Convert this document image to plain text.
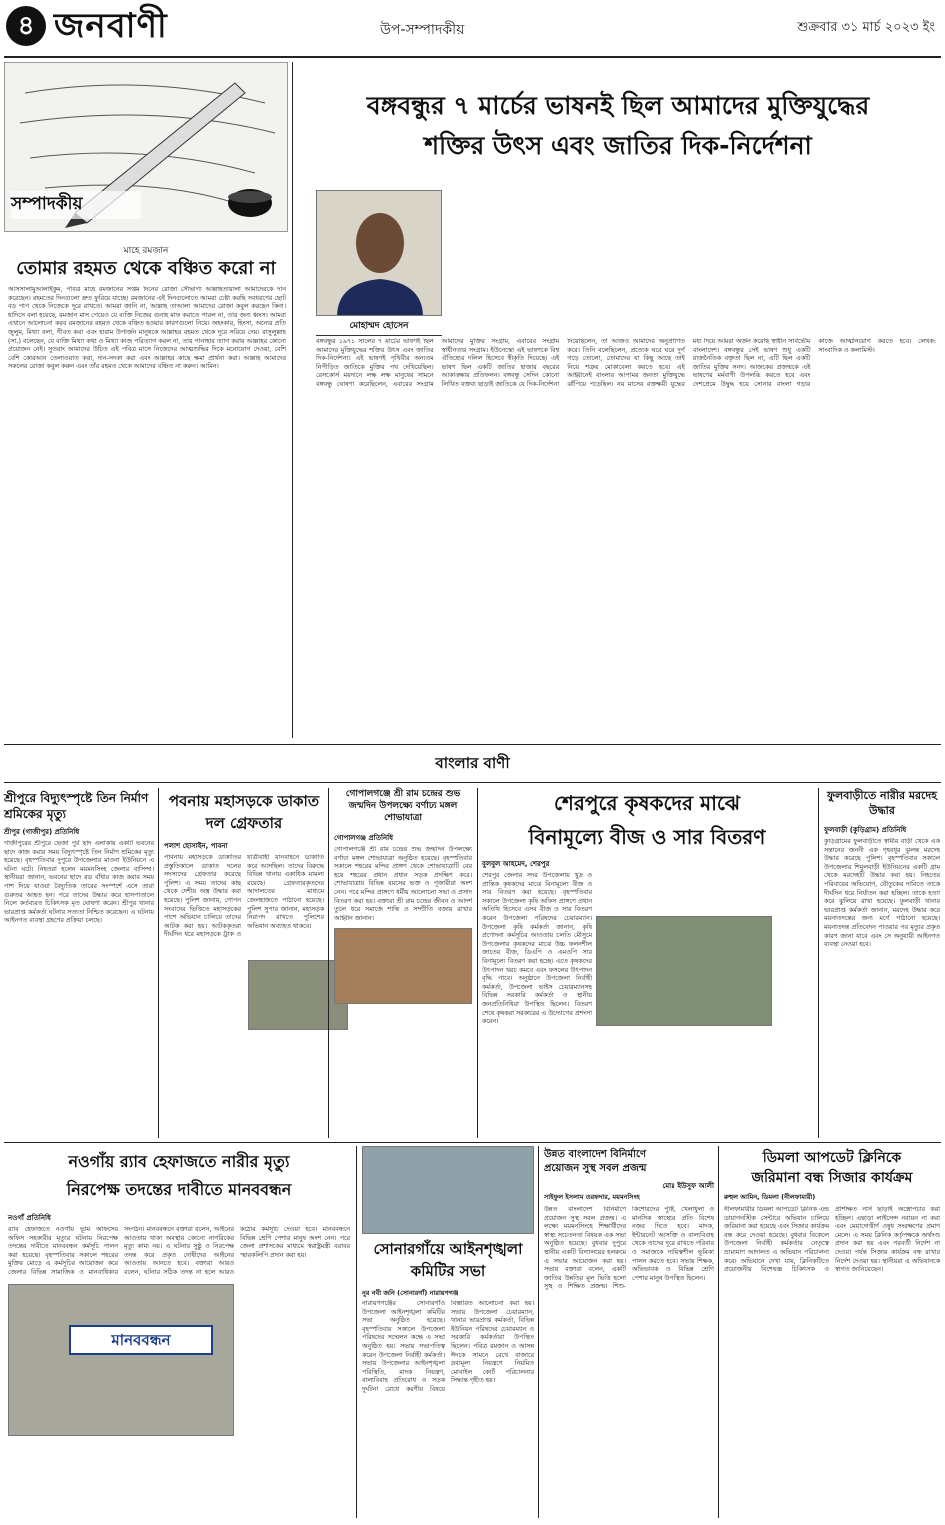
৪ জনবাণী	উপ-সম্পাদকীয়	শুক্রবার ৩১ মার্চ ২০২৩ ইং
সম্পাদকীয়
মাহে রমজান
তোমার রহমত থেকে বঞ্চিত করো না
আসসালামুআলাইকুম, পবিত্র মাহে রমজানের সপ্তম দিনের রোজা সৌভাগ্য আল্লাহতায়ালা আমাদেরকে দান করেছেন। রহমতের দিনগুলো দ্রুত ফুরিয়ে যাচ্ছে। রমজানের এই দিনগুলোতে আমরা চেষ্টা করছি সবধরণের ছোট বড় পাপ থেকে নিজেকে দূরে রাখতে। আমরা জানি না, আল্লাহ তাআলা আমাদের রোজা কবুল করছেন কিনা। হাদিসে বলা হয়েছে, রমজান মাস পেয়েও যে ব্যক্তি নিজের গুনাহ মাফ করাতে পারল না, তার জন্য ধ্বংস। আমরা এখানে আলোচনা করব রমজানের রহমত থেকে বঞ্চিত হওয়ার কারণগুলো নিয়ে। অহংকার, হিংসা, অন্যের প্রতি জুলুম, মিথ্যা বলা, গীবত করা এবং হারাম উপার্জন মানুষকে আল্লাহর রহমত থেকে দূরে সরিয়ে দেয়। রাসুলুল্লাহ (সা.) বলেছেন, যে ব্যক্তি মিথ্যা কথা ও মিথ্যা কাজ পরিত্যাগ করল না, তার পানাহার ত্যাগ করায় আল্লাহর কোনো প্রয়োজন নেই। সুতরাং আমাদের উচিত এই পবিত্র মাসে নিজেদের আত্মশুদ্ধির দিকে মনোযোগ দেওয়া, বেশি বেশি কোরআন তেলাওয়াত করা, দান-সদকা করা এবং আল্লাহর কাছে ক্ষমা প্রার্থনা করা। আল্লাহ আমাদের সকলের রোজা কবুল করুন এবং তাঁর রহমত থেকে আমাদের বঞ্চিত না করুন। আমিন।
বঙ্গবন্ধুর ৭ মার্চের ভাষনই ছিল আমাদের মুক্তিযুদ্ধের
শক্তির উৎস এবং জাতির দিক-নির্দেশনা
মোহাম্মদ হোসেন
বঙ্গবন্ধুর ১৯৭১ সালের ৭ মার্চের ভাষণই ছিল আমাদের মুক্তিযুদ্ধের শক্তির উৎস এবং জাতির দিক-নির্দেশনা। এই ভাষণই পৃথিবীর অন্যতম নিপীড়িত জাতিকে মুক্তির পথ দেখিয়েছিল। রেসকোর্স ময়দানে লক্ষ লক্ষ মানুষের সামনে বঙ্গবন্ধু ঘোষণা করেছিলেন, এবারের সংগ্রাম আমাদের মুক্তির সংগ্রাম, এবারের সংগ্রাম স্বাধীনতার সংগ্রাম। ইউনেস্কো এই ভাষণকে বিশ্ব ঐতিহ্যের দলিল হিসেবে স্বীকৃতি দিয়েছে। এই ভাষণ ছিল একটি জাতির হাজার বছরের আকাঙ্ক্ষার প্রতিফলন। বঙ্গবন্ধু সেদিন কোনো লিখিত বক্তব্য ছাড়াই জাতিকে যে দিক-নির্দেশনা দিয়েছিলেন, তা আজও আমাদের অনুপ্রাণিত করে। তিনি বলেছিলেন, প্রত্যেক ঘরে ঘরে দুর্গ গড়ে তোলো, তোমাদের যা কিছু আছে তাই নিয়ে শত্রুর মোকাবেলা করতে হবে। এই আহ্বানেই বাংলার আপামর জনতা মুক্তিযুদ্ধে ঝাঁপিয়ে পড়েছিল। নয় মাসের রক্তক্ষয়ী যুদ্ধের মধ্য দিয়ে আমরা অর্জন করেছি স্বাধীন সার্বভৌম বাংলাদেশ। বঙ্গবন্ধুর সেই ভাষণ শুধু একটি রাজনৈতিক বক্তৃতা ছিল না, এটি ছিল একটি জাতির মুক্তির সনদ। আজকের প্রজন্মকে এই ভাষণের মর্মবাণী উপলব্ধি করতে হবে এবং দেশপ্রেমে উদ্বুদ্ধ হয়ে সোনার বাংলা গড়ার কাজে আত্মনিয়োগ করতে হবে। লেখক: সাংবাদিক ও কলামিস্ট।
বাংলার বাণী
শ্রীপুরে বিদ্যুৎস্পৃষ্টে তিন নির্মাণ শ্রমিকের মৃত্যু
শ্রীপুর (গাজীপুর) প্রতিনিধি
গাজীপুরের শ্রীপুরে ভেজা পুর্ব ছাদ এলাকায় একটি ভবনের ছাদে কাজ করার সময় বিদ্যুৎস্পৃষ্টে তিন নির্মাণ শ্রমিকের মৃত্যু হয়েছে। বৃহস্পতিবার দুপুরে উপজেলার মাওনা ইউনিয়নে এ ঘটনা ঘটে। নিহতরা হলেন ময়মনসিংহ জেলার বাসিন্দা। স্থানীয়রা জানান, ভবনের ছাদে রড বাঁধার কাজ করার সময় পাশ দিয়ে যাওয়া বৈদ্যুতিক তারের সংস্পর্শে এসে তারা গুরুতর আহত হন। পরে তাদের উদ্ধার করে হাসপাতালে নিলে কর্তব্যরত চিকিৎসক মৃত ঘোষণা করেন। শ্রীপুর থানার ভারপ্রাপ্ত কর্মকর্তা ঘটনার সত্যতা নিশ্চিত করেছেন। এ ঘটনায় আইনগত ব্যবস্থা গ্রহণের প্রক্রিয়া চলছে।
পবনায় মহাসড়কে ডাকাত দল গ্রেফতার
পলাশ হোসাইন, পাবনা
পাবনায় মহাসড়কে ডাকাতির প্রস্তুতিকালে ডাকাত দলের সদস্যদের গ্রেফতার করেছে পুলিশ। এ সময় তাদের কাছ থেকে দেশীয় অস্ত্র উদ্ধার করা হয়েছে। পুলিশ জানায়, গোপন সংবাদের ভিত্তিতে মহাসড়কের পাশে অভিযান চালিয়ে তাদের আটক করা হয়। আটককৃতরা দীর্ঘদিন ধরে মহাসড়কে ট্রাক ও যাত্রীবাহী যানবাহনে ডাকাতি করে আসছিল। তাদের বিরুদ্ধে বিভিন্ন থানায় একাধিক মামলা রয়েছে। গ্রেফতারকৃতদের আদালতের মাধ্যমে জেলহাজতে পাঠানো হয়েছে। পুলিশ সুপার জানান, মহাসড়ক নিরাপদ রাখতে পুলিশের অভিযান অব্যাহত থাকবে।
গোপালগঞ্জে শ্রী রাম চন্দ্রের শুভ জন্মদিন উপলক্ষ্যে বর্ণাঢ্য মঙ্গল শোভাযাত্রা
গোপালগঞ্জ প্রতিনিধি
গোপালগঞ্জে শ্রী রাম চন্দ্রের শুভ জন্মদিন উপলক্ষ্যে বর্ণাঢ্য মঙ্গল শোভাযাত্রা অনুষ্ঠিত হয়েছে। বৃহস্পতিবার সকালে শহরের মন্দির প্রাঙ্গণ থেকে শোভাযাত্রাটি বের হয়ে শহরের প্রধান প্রধান সড়ক প্রদক্ষিণ করে। শোভাযাত্রায় বিভিন্ন বয়সের ভক্ত ও পূজারীরা অংশ নেন। পরে মন্দির প্রাঙ্গণে ধর্মীয় আলোচনা সভা ও প্রসাদ বিতরণ করা হয়। বক্তারা শ্রী রাম চন্দ্রের জীবন ও আদর্শ তুলে ধরে সমাজে শান্তি ও সম্প্রীতি বজায় রাখার আহ্বান জানান।
শেরপুরে কৃষকদের মাঝে
বিনামূল্যে বীজ ও সার বিতরণ
বুলবুল আহমেদ, শেরপুর
শেরপুর জেলার সদর উপজেলায় খুদ্র ও প্রান্তিক কৃষকদের মাঝে বিনামূল্যে বীজ ও সার বিতরণ করা হয়েছে। বৃহস্পতিবার সকালে উপজেলা কৃষি অফিস প্রাঙ্গণে প্রধান অতিথি হিসেবে এসব বীজ ও সার বিতরণ করেন উপজেলা পরিষদের চেয়ারম্যান। উপজেলা কৃষি কর্মকর্তা জানান, কৃষি প্রণোদনা কর্মসূচির আওতায় চলতি মৌসুমে উপজেলার কৃষকদের মাঝে উচ্চ ফলনশীল জাতের বীজ, ডিএপি ও এমওপি সার বিনামূল্যে বিতরণ করা হচ্ছে। এতে কৃষকদের উৎপাদন খরচ কমবে এবং ফসলের উৎপাদন বৃদ্ধি পাবে। অনুষ্ঠানে উপজেলা নির্বাহী কর্মকর্তা, উপজেলা ভাইস চেয়ারম্যানসহ বিভিন্ন সরকারি কর্মকর্তা ও স্থানীয় জনপ্রতিনিধিরা উপস্থিত ছিলেন। বিতরণ শেষে কৃষকরা সরকারের এ উদ্যোগের প্রশংসা করেন।
ফুলবাড়ীতে নারীর মরদেহ উদ্ধার
ফুলবাড়ী (কুড়িগ্রাম) প্রতিনিধি
কুড়িগ্রামের ফুলবাড়ীতে স্বামীর বাড়ী থেকে এক সন্তানের জননী এক গৃহবধূর ঝুলন্ত মরদেহ উদ্ধার করেছে পুলিশ। বৃহস্পতিবার সকালে উপজেলার শিমুলবাড়ী ইউনিয়নের একটি গ্রাম থেকে মরদেহটি উদ্ধার করা হয়। নিহতের পরিবারের অভিযোগ, যৌতুকের দাবিতে তাকে দীর্ঘদিন ধরে নির্যাতন করা হচ্ছিল। তাকে হত্যা করে ঝুলিয়ে রাখা হয়েছে। ফুলবাড়ী থানার ভারপ্রাপ্ত কর্মকর্তা জানান, মরদেহ উদ্ধার করে ময়নাতদন্তের জন্য মর্গে পাঠানো হয়েছে। ময়নাতদন্ত প্রতিবেদন পাওয়ার পর মৃত্যুর প্রকৃত কারণ জানা যাবে এবং সে অনুযায়ী আইনগত ব্যবস্থা নেওয়া হবে।
নওগাঁয় র‌্যাব হেফাজতে নারীর মৃত্যু
নিরপেক্ষ তদন্তের দাবীতে মানববন্ধন
নওগাঁ প্রতিনিধি
র‌্যাব হেফাজতে নওগাঁয় ভূমি অফিসের অফিস সহকারীর মৃত্যুর ঘটনায় নিরপেক্ষ তদন্তের দাবীতে মানববন্ধন কর্মসূচি পালন করা হয়েছে। বৃহস্পতিবার সকালে শহরের মুক্তির মোড়ে এ কর্মসূচির আয়োজন করে জেলার বিভিন্ন সামাজিক ও মানবাধিকার সংগঠন। মানববন্ধনে বক্তারা বলেন, আইনের আওতায় থাকা অবস্থায় কোনো নাগরিকের মৃত্যু কাম্য নয়। এ ঘটনার সুষ্ঠু ও নিরপেক্ষ তদন্ত করে প্রকৃত দোষীদের আইনের আওতায় আনতে হবে। বক্তারা আরও বলেন, ঘটনার সঠিক তদন্ত না হলে আরও কঠোর কর্মসূচি দেওয়া হবে। মানববন্ধনে বিভিন্ন শ্রেণি পেশার মানুষ অংশ নেন। পরে জেলা প্রশাসকের মাধ্যমে স্বরাষ্ট্রমন্ত্রী বরাবর স্মারকলিপি প্রদান করা হয়।
মানববন্ধন
সোনারগাঁয়ে আইনশৃঙ্খলা
কমিটির সভা
নুর নবী জনি (সোনারগাঁ) নারায়ণগঞ্জ
নারায়ণগঞ্জের সোনারগাঁও উপজেলা আইনশৃঙ্খলা কমিটির সভা অনুষ্ঠিত হয়েছে। বৃহস্পতিবার সকালে উপজেলা পরিষদের সম্মেলন কক্ষে এ সভা অনুষ্ঠিত হয়। সভায় সভাপতিত্ব করেন উপজেলা নির্বাহী কর্মকর্তা। সভায় উপজেলার আইনশৃঙ্খলা পরিস্থিতি, মাদক নিয়ন্ত্রণ, বাল্যবিবাহ প্রতিরোধ ও সড়ক দুর্ঘটনা রোধে করণীয় বিষয়ে বিস্তারিত আলোচনা করা হয়। সভায় উপজেলা চেয়ারম্যান, থানার ভারপ্রাপ্ত কর্মকর্তা, বিভিন্ন ইউনিয়ন পরিষদের চেয়ারম্যান ও সরকারি কর্মকর্তারা উপস্থিত ছিলেন। পবিত্র রমজান ও আসন্ন ঈদকে সামনে রেখে বাজারে দ্রব্যমূল্য নিয়ন্ত্রণে নিয়মিত মোবাইল কোর্ট পরিচালনার সিদ্ধান্ত গৃহীত হয়।
উন্নত বাংলাদেশ বিনির্মাণে
প্রয়োজন সুস্থ সবল প্রজন্ম
মোঃ ইউসুফ আলী
সাইফুল ইসলাম তরফদার, ময়মনসিংহ
উন্নত বাংলাদেশ বিনির্মাণে প্রয়োজন সুস্থ সবল প্রজন্ম। এ লক্ষ্যে ময়মনসিংহে শিক্ষার্থীদের স্বাস্থ্য সচেতনতা বিষয়ক এক সভা অনুষ্ঠিত হয়েছে। বুধবার দুপুরে স্থানীয় একটি বিদ্যালয়ের হলরুমে এ সভার আয়োজন করা হয়। সভায় বক্তারা বলেন, একটি জাতির উন্নতির মূল ভিত্তি হলো সুস্থ ও শিক্ষিত প্রজন্ম। শিশু-কিশোরদের পুষ্টি, খেলাধুলা ও মানসিক স্বাস্থ্যের প্রতি বিশেষ নজর দিতে হবে। মাদক, ইন্টারনেট আসক্তি ও বাল্যবিবাহ থেকে তাদের দূরে রাখতে পরিবার ও সমাজকে দায়িত্বশীল ভূমিকা পালন করতে হবে। সভায় শিক্ষক, অভিভাবক ও বিভিন্ন শ্রেণি পেশার মানুষ উপস্থিত ছিলেন।
ডিমলা আপডেট ক্লিনিকে
জরিমানা বন্ধ সিজার কার্যক্রম
রুহুল আমিন, ডিমলা (নীলফামারী)
নীলফামারীর ডিমলা আপডেট ক্লিনিক এন্ড ডায়াগনস্টিক সেন্টারে অভিযান চালিয়ে জরিমানা করা হয়েছে এবং সিজার কার্যক্রম বন্ধ করে দেওয়া হয়েছে। বুধবার বিকেলে উপজেলা নির্বাহী কর্মকর্তার নেতৃত্বে ভ্রাম্যমাণ আদালত এ অভিযান পরিচালনা করে। অভিযানে দেখা যায়, ক্লিনিকটিতে প্রয়োজনীয় বিশেষজ্ঞ চিকিৎসক ও প্রশিক্ষিত নার্স ছাড়াই অস্ত্রোপচার করা হচ্ছিল। এছাড়া লাইসেন্স নবায়ন না করা এবং মেয়াদোত্তীর্ণ ওষুধ সংরক্ষণের প্রমাণ মেলে। এ সময় ক্লিনিক কর্তৃপক্ষকে অর্থদণ্ড প্রদান করা হয় এবং পরবর্তী নির্দেশ না দেওয়া পর্যন্ত সিজার কার্যক্রম বন্ধ রাখার নির্দেশ দেওয়া হয়। স্থানীয়রা এ অভিযানকে স্বাগত জানিয়েছেন।
